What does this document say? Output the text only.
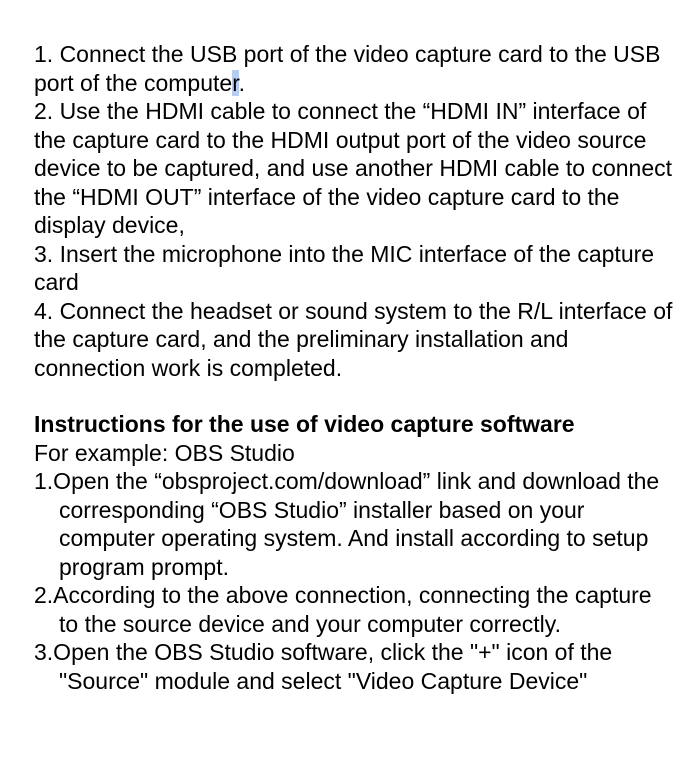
1. Connect the USB port of the video capture card to the USB port of the computer.

2. Use the HDMI cable to connect the “HDMI IN” interface of the capture card to the HDMI output port of the video source device to be captured, and use another HDMI cable to connect the “HDMI OUT” interface of the video capture card to the display device,

3. Insert the microphone into the MIC interface of the capture card

4. Connect the headset or sound system to the R/L interface of the capture card, and the preliminary installation and connection work is completed.

Instructions for the use of video capture software

For example: OBS Studio

1.Open the “obsproject.com/download” link and download the corresponding “OBS Studio” installer based on your computer operating system. And install according to setup program prompt.

2.According to the above connection, connecting the capture to the source device and your computer correctly.

3.Open the OBS Studio software, click the "+" icon of the "Source" module and select "Video Capture Device"
